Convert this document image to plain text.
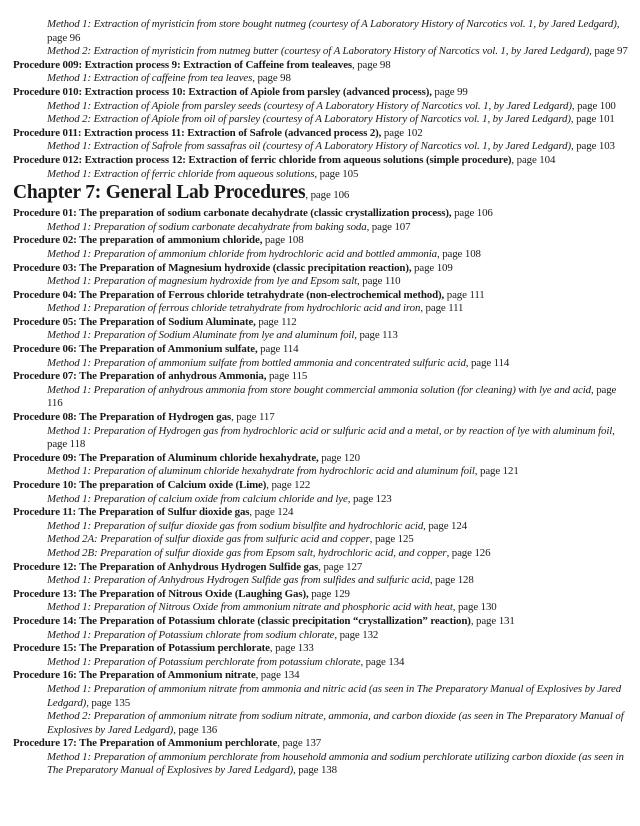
Method 1: Extraction of myristicin from store bought nutmeg (courtesy of A Laboratory History of Narcotics vol. 1, by Jared Ledgard), page 96
Method 2: Extraction of myristicin from nutmeg butter (courtesy of A Laboratory History of Narcotics vol. 1, by Jared Ledgard), page 97
Procedure 009: Extraction process 9: Extraction of Caffeine from tealeaves, page 98
Method 1: Extraction of caffeine from tea leaves, page 98
Procedure 010: Extraction process 10: Extraction of Apiole from parsley (advanced process), page 99
Method 1: Extraction of Apiole from parsley seeds (courtesy of A Laboratory History of Narcotics vol. 1, by Jared Ledgard), page 100
Method 2: Extraction of Apiole from oil of parsley (courtesy of A Laboratory History of Narcotics vol. 1, by Jared Ledgard), page 101
Procedure 011: Extraction process 11: Extraction of Safrole (advanced process 2), page 102
Method 1: Extraction of Safrole from sassafras oil (courtesy of A Laboratory History of Narcotics vol. 1, by Jared Ledgard), page 103
Procedure 012: Extraction process 12: Extraction of ferric chloride from aqueous solutions (simple procedure), page 104
Method 1: Extraction of ferric chloride from aqueous solutions, page 105
Chapter 7: General Lab Procedures, page 106
Procedure 01: The preparation of sodium carbonate decahydrate (classic crystallization process), page 106
Method 1: Preparation of sodium carbonate decahydrate from baking soda, page 107
Procedure 02: The preparation of ammonium chloride, page 108
Method 1: Preparation of ammonium chloride from hydrochloric acid and bottled ammonia, page 108
Procedure 03: The Preparation of Magnesium hydroxide (classic precipitation reaction), page 109
Method 1: Preparation of magnesium hydroxide from lye and Epsom salt, page 110
Procedure 04: The Preparation of Ferrous chloride tetrahydrate (non-electrochemical method), page 111
Method 1: Preparation of ferrous chloride tetrahydrate from hydrochloric acid and iron, page 111
Procedure 05: The Preparation of Sodium Aluminate, page 112
Method 1: Preparation of Sodium Aluminate from lye and aluminum foil, page 113
Procedure 06: The Preparation of Ammonium sulfate, page 114
Method 1: Preparation of ammonium sulfate from bottled ammonia and concentrated sulfuric acid, page 114
Procedure 07: The Preparation of anhydrous Ammonia, page 115
Method 1: Preparation of anhydrous ammonia from store bought commercial ammonia solution (for cleaning) with lye and acid, page 116
Procedure 08: The Preparation of Hydrogen gas, page 117
Method 1: Preparation of Hydrogen gas from hydrochloric acid or sulfuric acid and a metal, or by reaction of lye with aluminum foil, page 118
Procedure 09: The Preparation of Aluminum chloride hexahydrate, page 120
Method 1: Preparation of aluminum chloride hexahydrate from hydrochloric acid and aluminum foil, page 121
Procedure 10: The preparation of Calcium oxide (Lime), page 122
Method 1: Preparation of calcium oxide from calcium chloride and lye, page 123
Procedure 11: The Preparation of Sulfur dioxide gas, page 124
Method 1: Preparation of sulfur dioxide gas from sodium bisulfite and hydrochloric acid, page 124
Method 2A: Preparation of sulfur dioxide gas from sulfuric acid and copper, page 125
Method 2B: Preparation of sulfur dioxide gas from Epsom salt, hydrochloric acid, and copper, page 126
Procedure 12: The Preparation of Anhydrous Hydrogen Sulfide gas, page 127
Method 1: Preparation of Anhydrous Hydrogen Sulfide gas from sulfides and sulfuric acid, page 128
Procedure 13: The Preparation of Nitrous Oxide (Laughing Gas), page 129
Method 1: Preparation of Nitrous Oxide from ammonium nitrate and phosphoric acid with heat, page 130
Procedure 14: The Preparation of Potassium chlorate (classic precipitation “crystallization” reaction), page 131
Method 1: Preparation of Potassium chlorate from sodium chlorate, page 132
Procedure 15: The Preparation of Potassium perchlorate, page 133
Method 1: Preparation of Potassium perchlorate from potassium chlorate, page 134
Procedure 16: The Preparation of Ammonium nitrate, page 134
Method 1: Preparation of ammonium nitrate from ammonia and nitric acid (as seen in The Preparatory Manual of Explosives by Jared Ledgard), page 135
Method 2: Preparation of ammonium nitrate from sodium nitrate, ammonia, and carbon dioxide (as seen in The Preparatory Manual of Explosives by Jared Ledgard), page 136
Procedure 17: The Preparation of Ammonium perchlorate, page 137
Method 1: Preparation of ammonium perchlorate from household ammonia and sodium perchlorate utilizing carbon dioxide (as seen in The Preparatory Manual of Explosives by Jared Ledgard), page 138
